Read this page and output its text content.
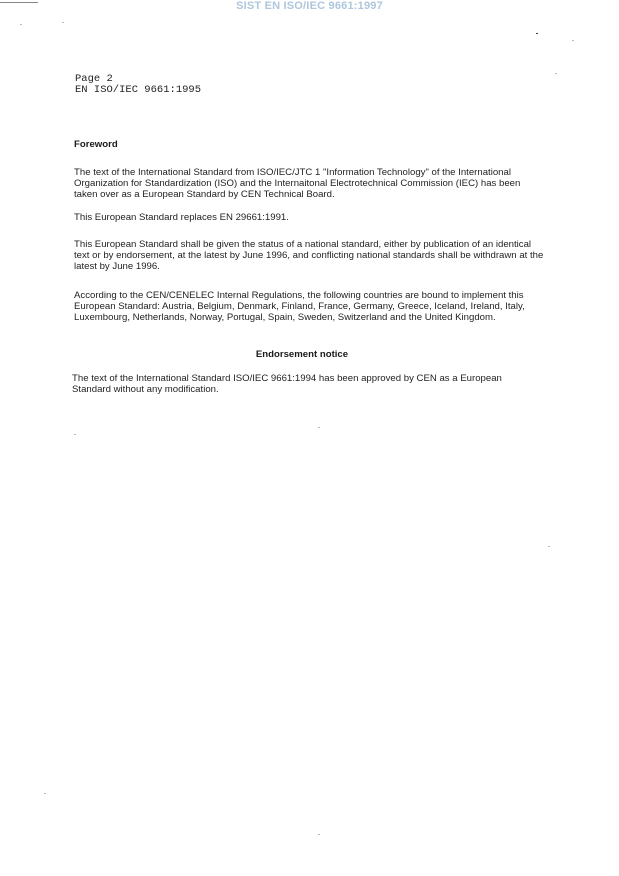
SIST EN ISO/IEC 9661:1997
Page 2
EN ISO/IEC 9661:1995
Foreword
The text of the International Standard from ISO/IEC/JTC 1 "Information Technology" of the International Organization for Standardization (ISO) and the Internaitonal Electrotechnical Commission (IEC) has been taken over as a European Standard by CEN Technical Board.
This European Standard replaces EN 29661:1991.
This European Standard shall be given the status of a national standard, either by publication of an identical text or by endorsement, at the latest by June 1996, and conflicting national standards shall be withdrawn at the latest by June 1996.
According to the CEN/CENELEC Internal Regulations, the following countries are bound to implement this European Standard: Austria, Belgium, Denmark, Finland, France, Germany, Greece, Iceland, Ireland, Italy, Luxembourg, Netherlands, Norway, Portugal, Spain, Sweden, Switzerland and the United Kingdom.
Endorsement notice
The text of the International Standard ISO/IEC 9661:1994 has been approved by CEN as a European Standard without any modification.
